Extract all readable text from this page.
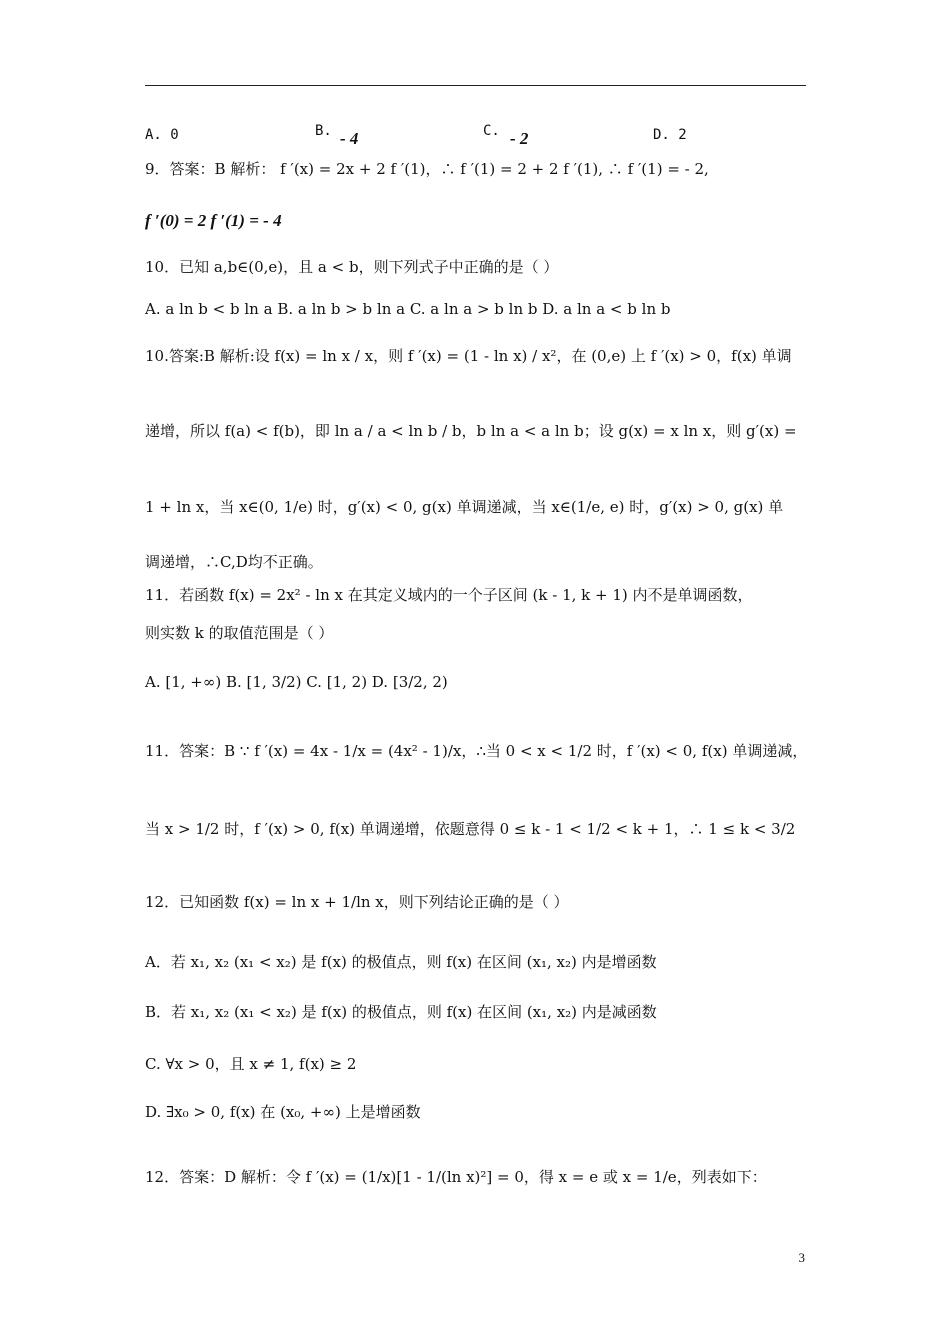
A. 0	B. - 4	C. - 2	D. 2
9．答案：B 解析： f ′(x) = 2x + 2 f ′(1)，∴ f ′(1) = 2 + 2 f ′(1), ∴ f ′(1) = - 2,
f ′(0) = 2 f ′(1) = - 4
10．已知 a,b∈(0,e)，且 a < b，则下列式子中正确的是（ ）
A. a ln b < b ln a B. a ln b > b ln a C. a ln a > b ln b D. a ln a < b ln b
10.答案:B 解析:设 f(x) = ln x / x，则 f ′(x) = (1 - ln x) / x²，在 (0,e) 上 f ′(x) > 0，f(x) 单调
递增，所以 f(a) < f(b)，即 ln a / a < ln b / b，b ln a < a ln b；设 g(x) = x ln x，则 g′(x) =
1 + ln x，当 x∈(0, 1/e) 时，g′(x) < 0, g(x) 单调递减，当 x∈(1/e, e) 时，g′(x) > 0, g(x) 单
调递增，∴C,D均不正确。
11．若函数 f(x) = 2x² - ln x 在其定义域内的一个子区间 (k - 1, k + 1) 内不是单调函数，
则实数 k 的取值范围是（ ）
A. [1, +∞) B. [1, 3/2) C. [1, 2) D. [3/2, 2)
11．答案：B ∵ f ′(x) = 4x - 1/x = (4x² - 1)/x，∴当 0 < x < 1/2 时，f ′(x) < 0, f(x) 单调递减，
当 x > 1/2 时，f ′(x) > 0, f(x) 单调递增，依题意得 0 ≤ k - 1 < 1/2 < k + 1，∴ 1 ≤ k < 3/2
12．已知函数 f(x) = ln x + 1/ln x，则下列结论正确的是（ ）
A．若 x₁, x₂ (x₁ < x₂) 是 f(x) 的极值点，则 f(x) 在区间 (x₁, x₂) 内是增函数
B．若 x₁, x₂ (x₁ < x₂) 是 f(x) 的极值点，则 f(x) 在区间 (x₁, x₂) 内是减函数
C. ∀x > 0，且 x ≠ 1, f(x) ≥ 2
D. ∃x₀ > 0, f(x) 在 (x₀, +∞) 上是增函数
12．答案：D 解析：令 f ′(x) = (1/x)[1 - 1/(ln x)²] = 0，得 x = e 或 x = 1/e，列表如下：
3
